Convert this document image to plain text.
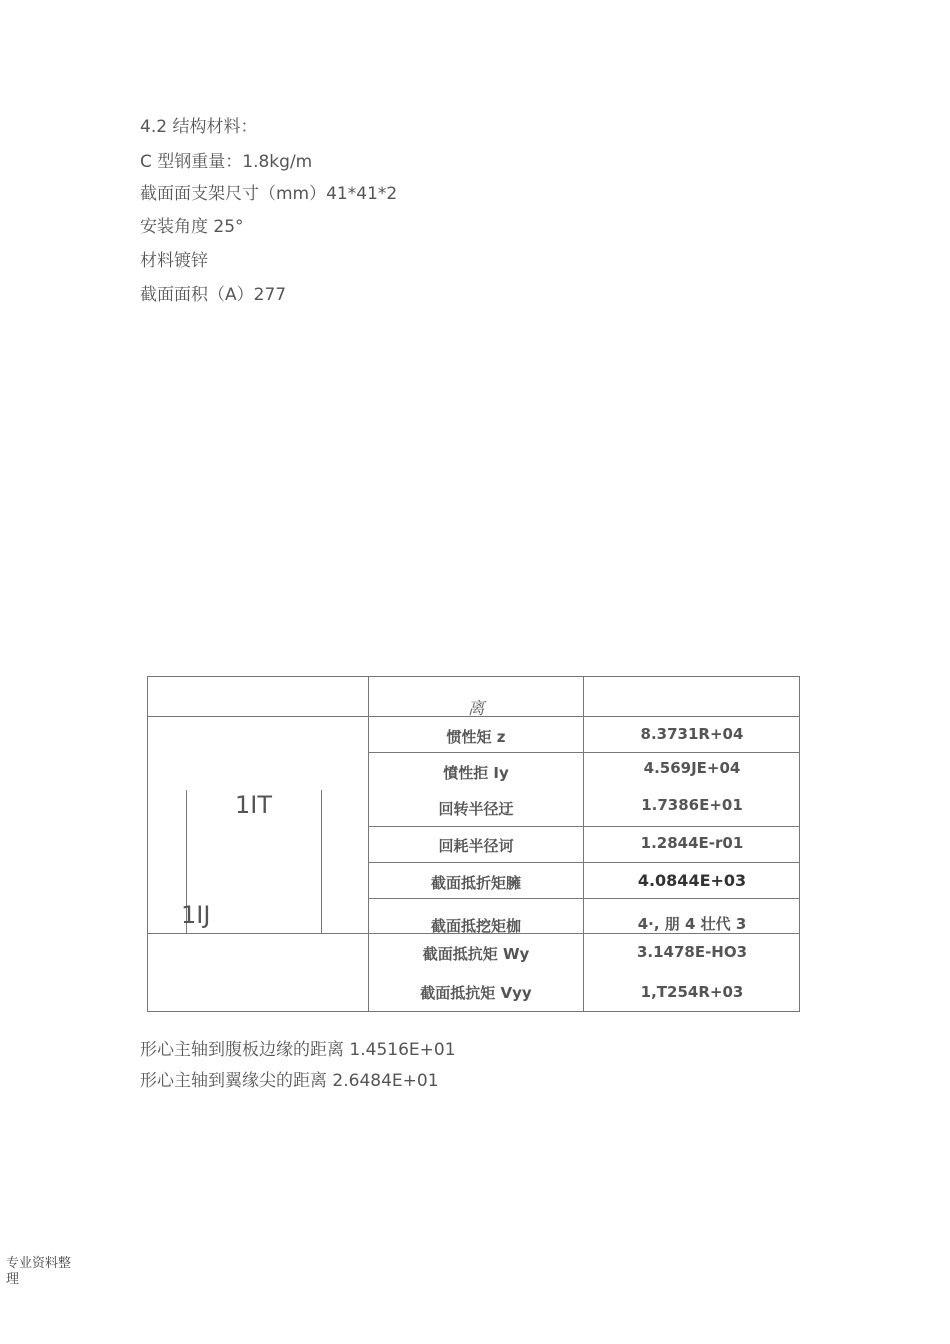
4.2 结构材料：
C 型钢重量：1.8kg/m
截面面支架尺寸（mm）41*41*2
安装角度 25°
材料镀锌
截面面积（A）277
离
1IT
1IJ
惯性矩 z	8.3731R+04
憤性拒 Iy	4.569JE+04
回转半径迂	1.7386E+01
回耗半径诃	1.2844E-r01
截面抵折矩臃	4.0844E+03
截面抵挖矩枷	4·, 朋 4 壮代 3
截面抵抗矩 Wy	3.1478E-HO3
截面抵抗矩 Vyy	1,T254R+03
形心主轴到腹板边缘的距离 1.4516E+01
形心主轴到翼缘尖的距离 2.6484E+01
专业资料整理
